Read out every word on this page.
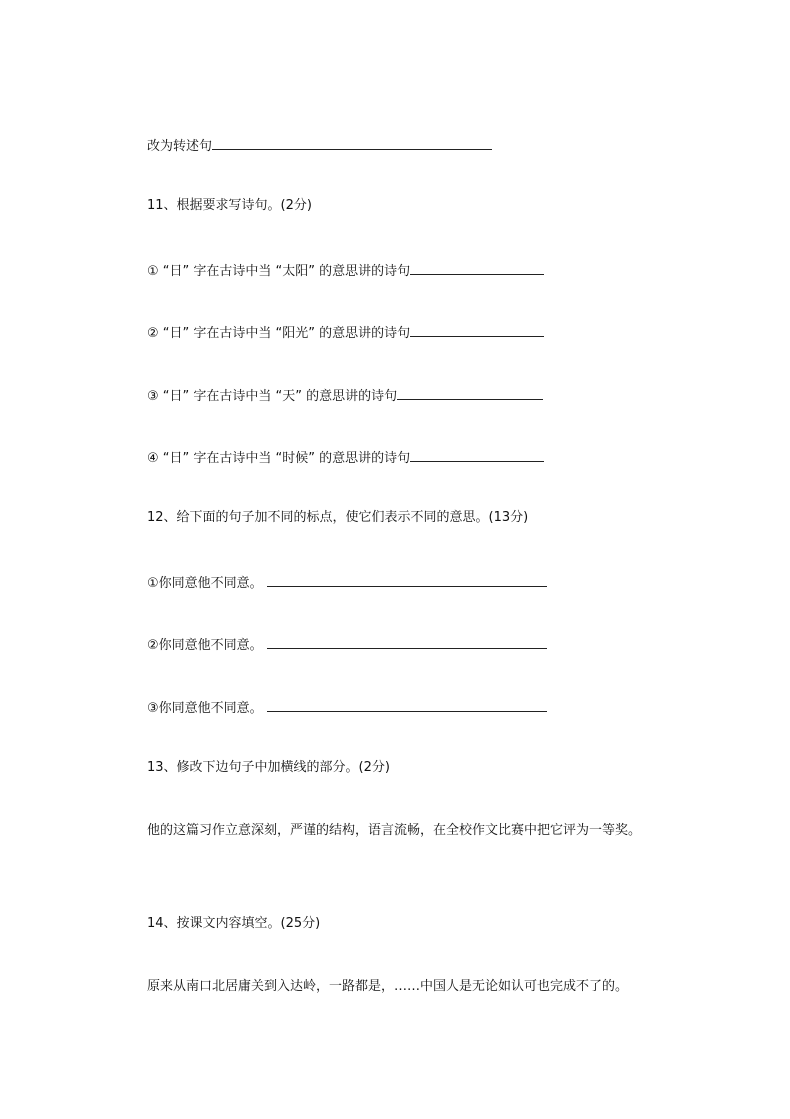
改为转述句
11、根据要求写诗句。(2分)
① “日” 字在古诗中当 “太阳” 的意思讲的诗句
② “日” 字在古诗中当 “阳光” 的意思讲的诗句
③ “日” 字在古诗中当 “天” 的意思讲的诗句
④ “日” 字在古诗中当 “时候” 的意思讲的诗句
12、给下面的句子加不同的标点，使它们表示不同的意思。(13分)
①你同意他不同意。
②你同意他不同意。
③你同意他不同意。
13、修改下边句子中加横线的部分。(2分)
他的这篇习作立意深刻，严谨的结构，语言流畅，在全校作文比赛中把它评为一等奖。
14、按课文内容填空。(25分)
原来从南口北居庸关到入达岭，一路都是，……中国人是无论如认可也完成不了的。
